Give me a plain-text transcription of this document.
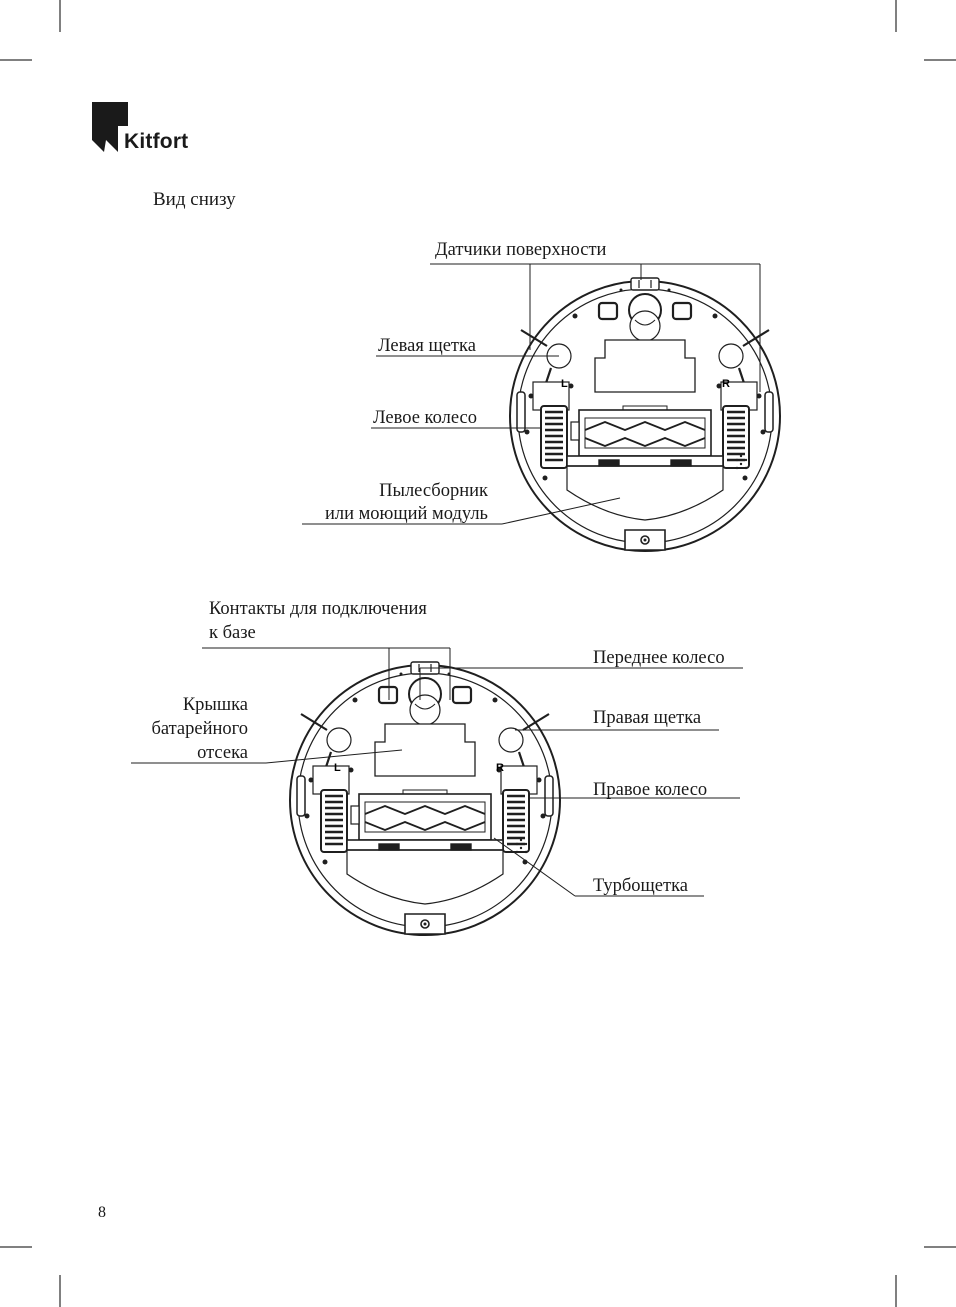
L	R
L	R
Kitfort
Вид снизу
Датчики поверхности
Левая щетка
Левое колесо
Пылесборник
или моющий модуль
Контакты для подключения
к базе
Переднее колесо
Крышка
батарейного
отсека
Правая щетка
Правое колесо
Турбощетка
8
